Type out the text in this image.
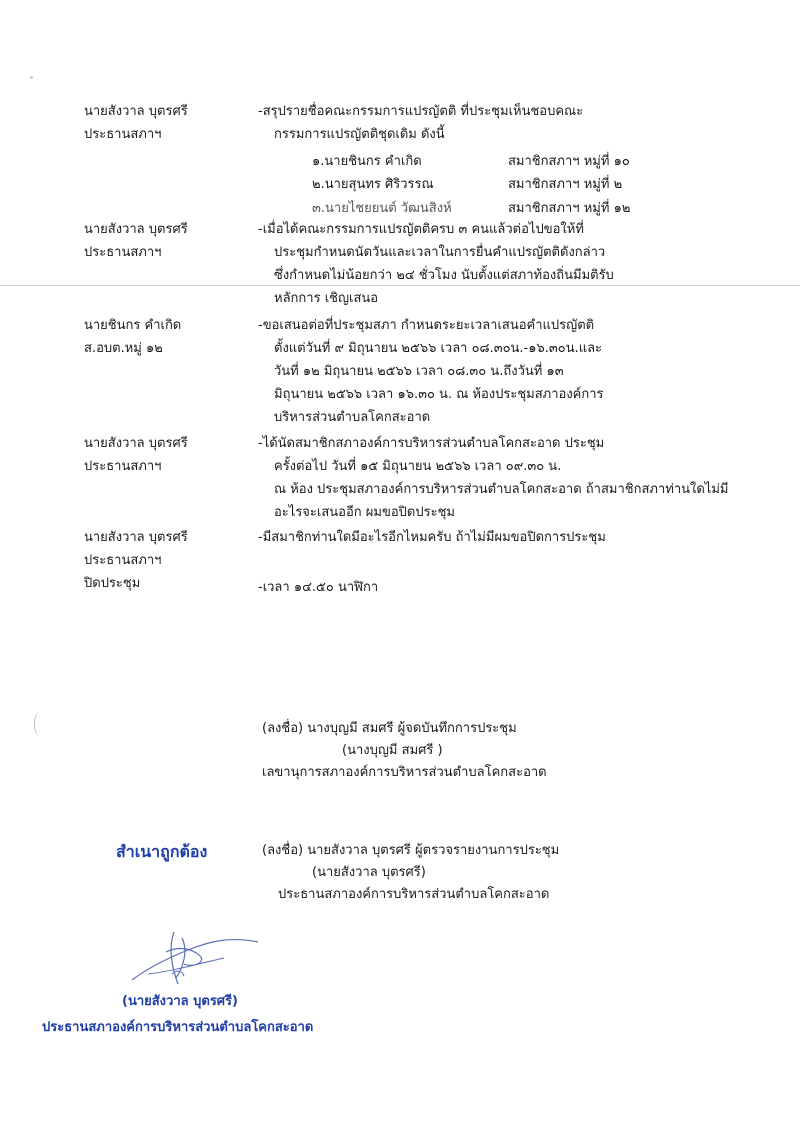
นายสังวาล บุตรศรี
ประธานสภาฯ
-สรุปรายชื่อคณะกรรมการแปรญัตติ ที่ประชุมเห็นชอบคณะ
กรรมการแปรญัตติชุดเดิม ดังนี้
๑.นายชินกร คำเกิด	สมาชิกสภาฯ หมู่ที่ ๑๐
๒.นายสุนทร ศิริวรรณ	สมาชิกสภาฯ หมู่ที่ ๒
๓.นายไชยยนต์ วัฒนสิงห์	สมาชิกสภาฯ หมู่ที่ ๑๒
นายสังวาล บุตรศรี
ประธานสภาฯ
-เมื่อได้คณะกรรมการแปรญัตติครบ ๓ คนแล้วต่อไปขอให้ที่
ประชุมกำหนดนัดวันและเวลาในการยื่นคำแปรญัตติดังกล่าว
ซึ่งกำหนดไม่น้อยกว่า ๒๔ ชั่วโมง นับตั้งแต่สภาท้องถิ่นมีมติรับ
หลักการ เชิญเสนอ
นายชินกร คำเกิด
ส.อบต.หมู่ ๑๒
-ขอเสนอต่อที่ประชุมสภา กำหนดระยะเวลาเสนอคำแปรญัตติ
ตั้งแต่วันที่ ๙ มิถุนายน ๒๕๖๖ เวลา ๐๘.๓๐น.-๑๖.๓๐น.และ
วันที่ ๑๒ มิถุนายน ๒๕๖๖ เวลา ๐๘.๓๐ น.ถึงวันที่ ๑๓
มิถุนายน ๒๕๖๖ เวลา ๑๖.๓๐ น. ณ ห้องประชุมสภาองค์การ
บริหารส่วนตำบลโคกสะอาด
นายสังวาล บุตรศรี
ประธานสภาฯ
-ได้นัดสมาชิกสภาองค์การบริหารส่วนตำบลโคกสะอาด ประชุม
ครั้งต่อไป วันที่ ๑๕ มิถุนายน ๒๕๖๖ เวลา ๐๙.๓๐ น.
ณ ห้อง ประชุมสภาองค์การบริหารส่วนตำบลโคกสะอาด ถ้าสมาชิกสภาท่านใดไม่มี
อะไรจะเสนออีก ผมขอปิดประชุม
นายสังวาล บุตรศรี
ประธานสภาฯ
ปิดประชุม
-มีสมาชิกท่านใดมีอะไรอีกไหมครับ ถ้าไม่มีผมขอปิดการประชุม
-เวลา ๑๔.๕๐ นาฬิกา
(ลงชื่อ) นางบุญมี สมศรี ผู้จดบันทึกการประชุม
(นางบุญมี สมศรี )
เลขานุการสภาองค์การบริหารส่วนตำบลโคกสะอาด
สำเนาถูกต้อง	(ลงชื่อ) นายสังวาล บุตรศรี ผู้ตรวจรายงานการประชุม
(นายสังวาล บุตรศรี)
ประธานสภาองค์การบริหารส่วนตำบลโคกสะอาด
(นายสังวาล บุตรศรี)
ประธานสภาองค์การบริหารส่วนตำบลโคกสะอาด
